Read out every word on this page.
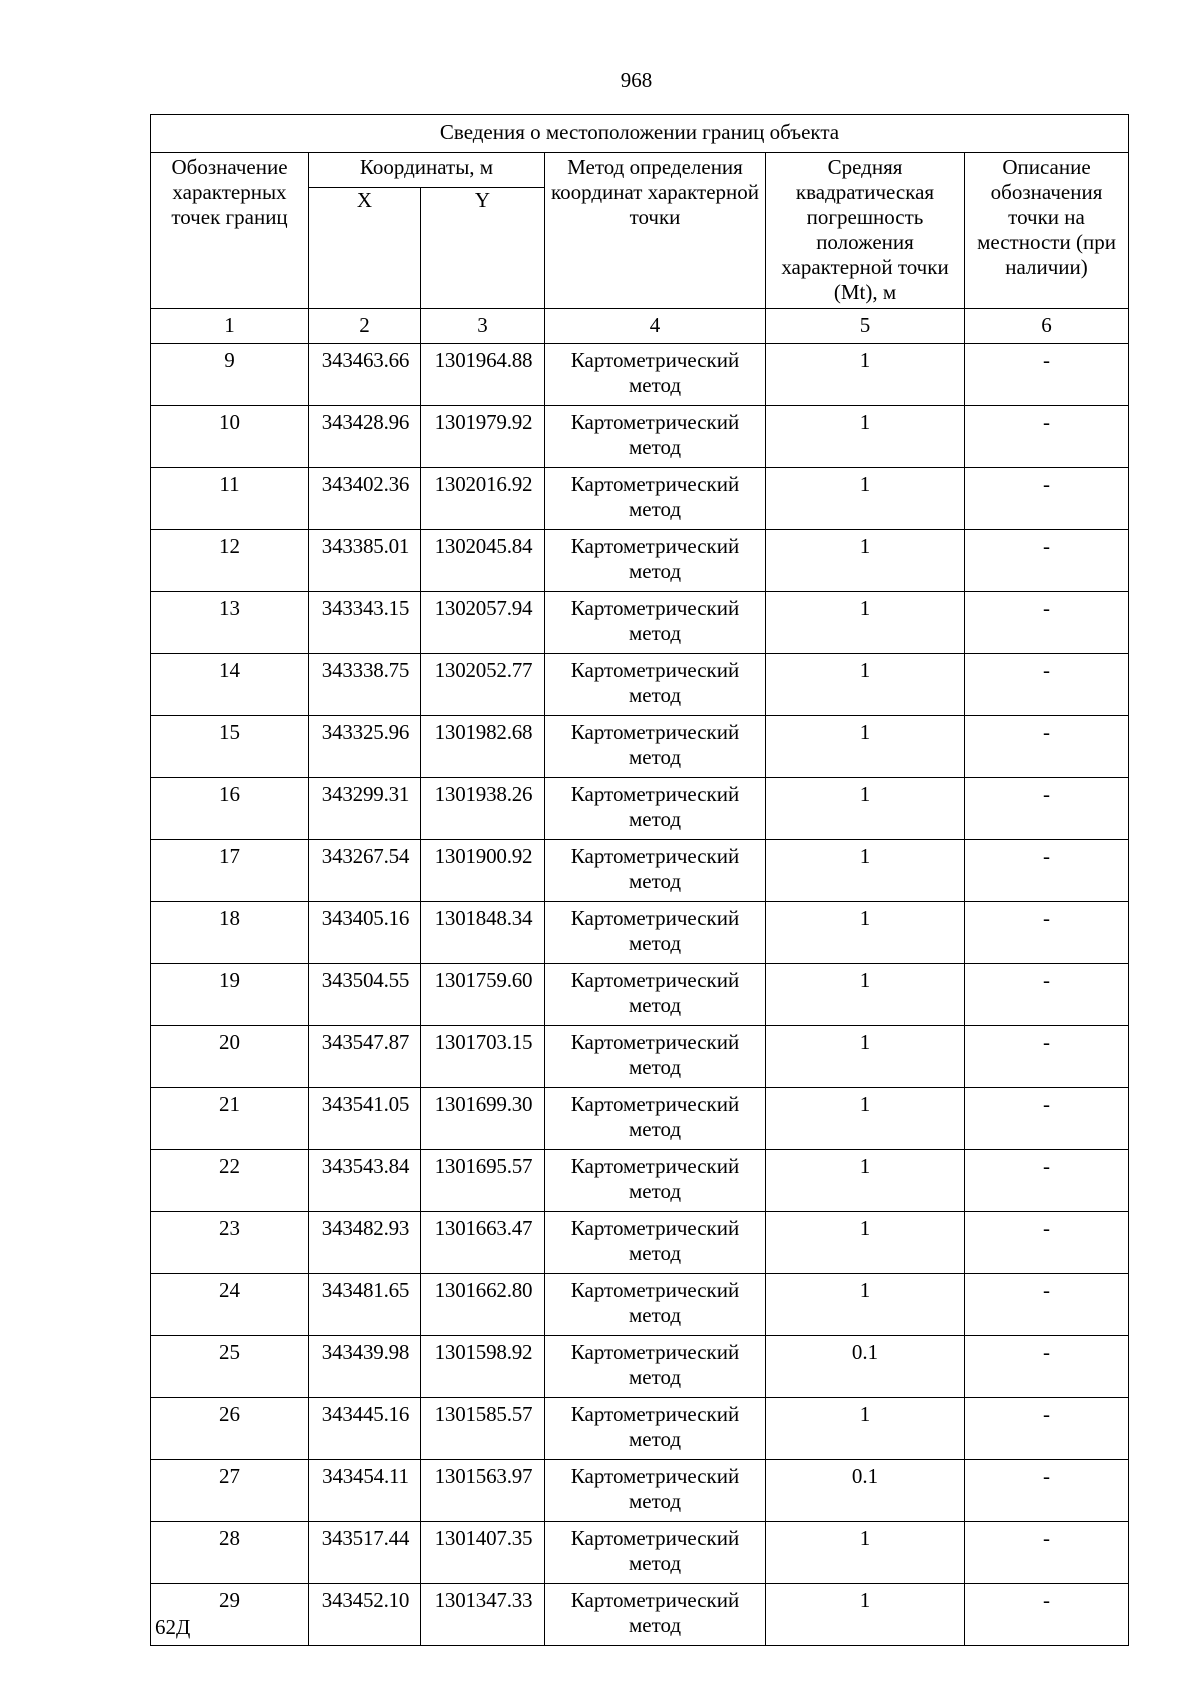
968
Сведения о местоположении границ объекта					
Обозначение характерных точек границ	Координаты, м		Метод определения координат характерной точки	Средняя квадратическая погрешность положения характерной точки (Mt), м	Описание обозначения точки на местности (при наличии)
	X	Y			
1	2	3	4	5	6
9	343463.66	1301964.88	Картометрический метод	1	-
10	343428.96	1301979.92	Картометрический метод	1	-
11	343402.36	1302016.92	Картометрический метод	1	-
12	343385.01	1302045.84	Картометрический метод	1	-
13	343343.15	1302057.94	Картометрический метод	1	-
14	343338.75	1302052.77	Картометрический метод	1	-
15	343325.96	1301982.68	Картометрический метод	1	-
16	343299.31	1301938.26	Картометрический метод	1	-
17	343267.54	1301900.92	Картометрический метод	1	-
18	343405.16	1301848.34	Картометрический метод	1	-
19	343504.55	1301759.60	Картометрический метод	1	-
20	343547.87	1301703.15	Картометрический метод	1	-
21	343541.05	1301699.30	Картометрический метод	1	-
22	343543.84	1301695.57	Картометрический метод	1	-
23	343482.93	1301663.47	Картометрический метод	1	-
24	343481.65	1301662.80	Картометрический метод	1	-
25	343439.98	1301598.92	Картометрический метод	0.1	-
26	343445.16	1301585.57	Картометрический метод	1	-
27	343454.11	1301563.97	Картометрический метод	0.1	-
28	343517.44	1301407.35	Картометрический метод	1	-
29	343452.10	1301347.33	Картометрический метод	1	-
62Д
